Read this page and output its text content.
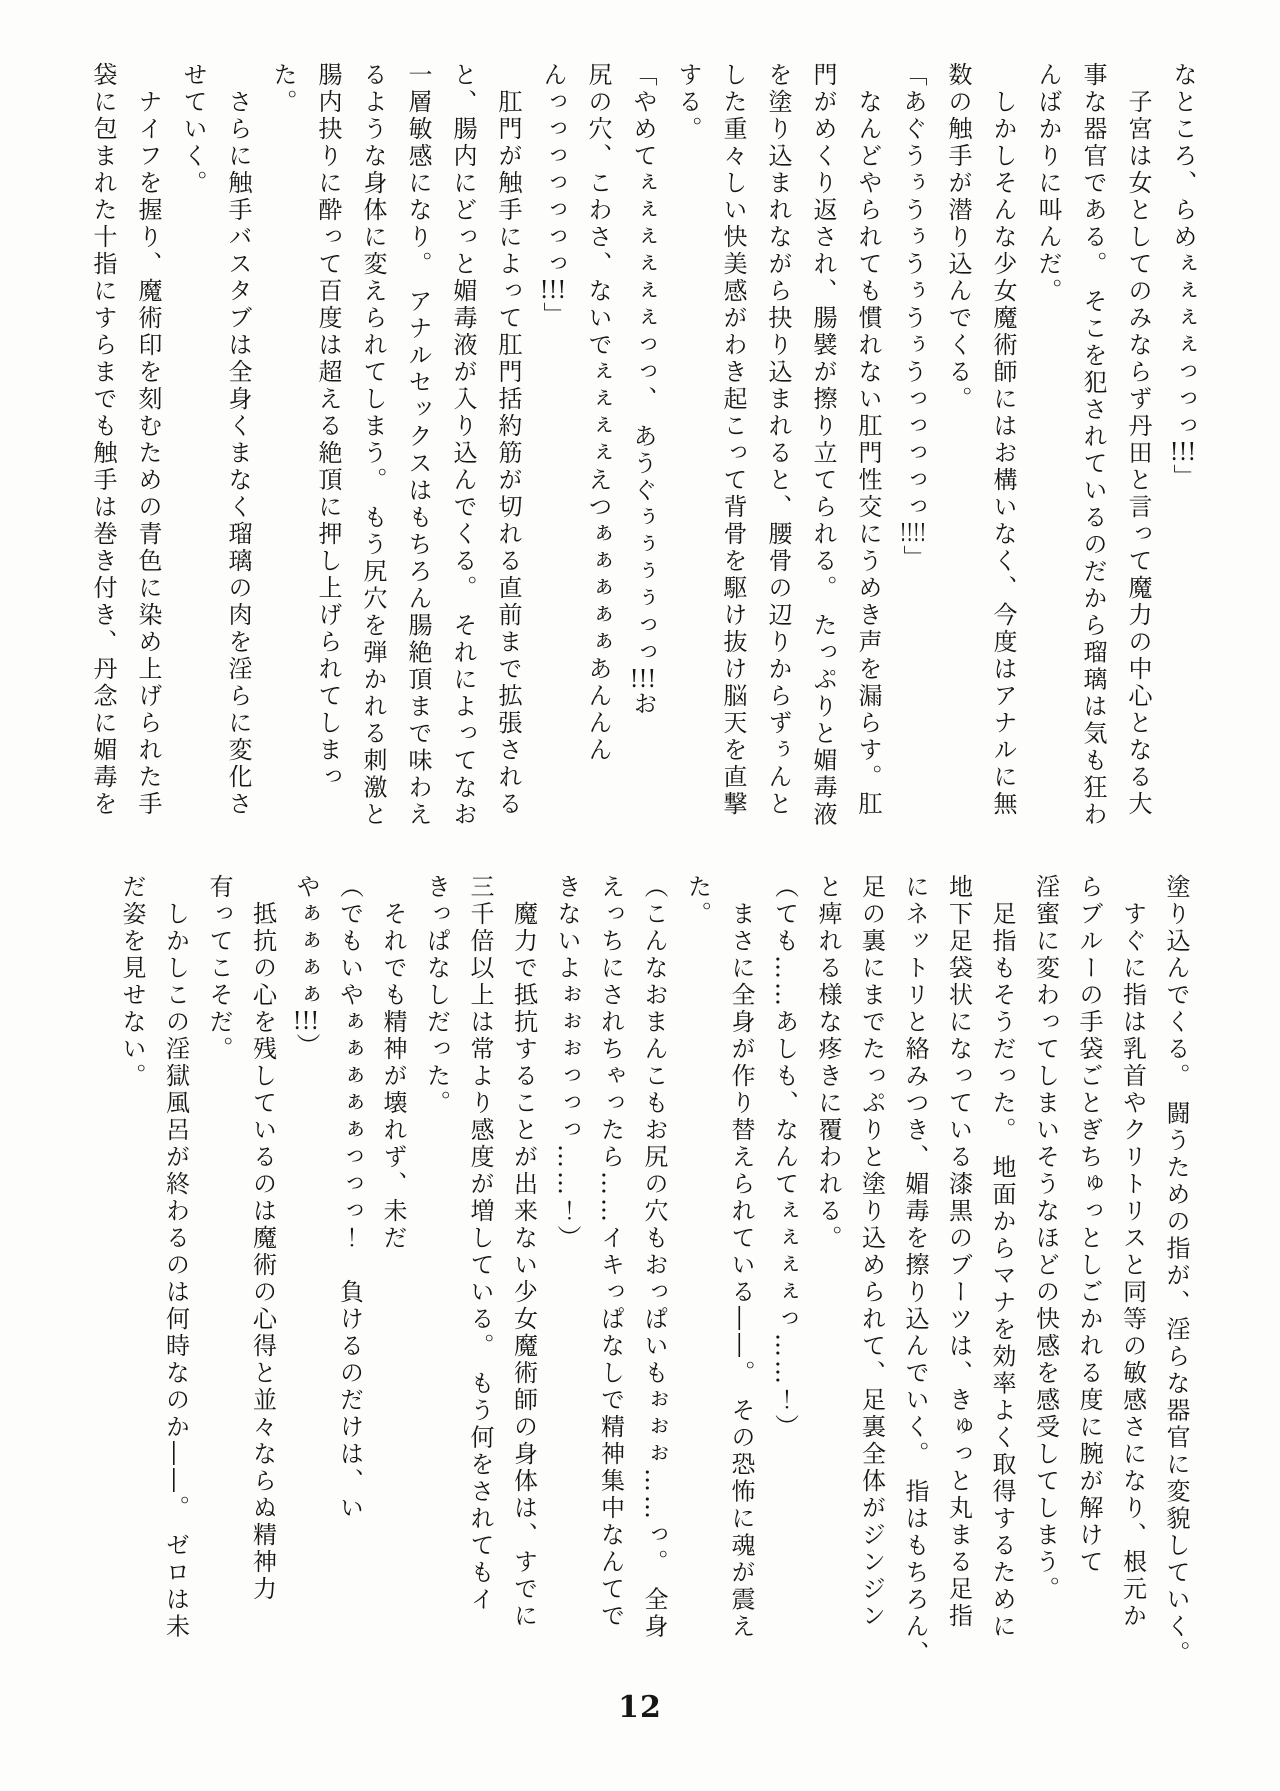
なところ、らめぇぇぇぇっっっ!!!」

　子宮は女としてのみならず丹田と言って魔力の中心となる大

事な器官である。 そこを犯されているのだから瑠璃は気も狂わ

んばかりに叫んだ。

　しかしそんな少女魔術師にはお構いなく、今度はアナルに無

数の触手が潜り込んでくる。

「あぐうぅうぅうぅうぅうっっっっっ!!!!」

　なんどやられても慣れない肛門性交にうめき声を漏らす。肛

門がめくり返され、腸襞が擦り立てられる。 たっぷりと媚毒液

を塗り込まれながら抉り込まれると、腰骨の辺りからずぅんと

した重々しい快美感がわき起こって背骨を駆け抜け脳天を直撃

する。

「やめてぇぇぇぇぇぇっっ、 あうぐぅぅぅぅっっ!!!お

尻の穴、こわさ、ないでぇぇぇぇえつぁぁぁぁぁあんんん

んっっっっっっっ!!!」

　肛門が触手によって肛門括約筋が切れる直前まで拡張される

と、腸内にどっと媚毒液が入り込んでくる。 それによってなお

一層敏感になり。 アナルセックスはもちろん腸絶頂まで味わえ

るような身体に変えられてしまう。 もう尻穴を弾かれる刺激と

腸内抉りに酔って百度は超える絶頂に押し上げられてしまっ

た。

　さらに触手バスタブは全身くまなく瑠璃の肉を淫らに変化さ

せていく。

　ナイフを握り、魔術印を刻むための青色に染め上げられた手

袋に包まれた十指にすらまでも触手は巻き付き、丹念に媚毒を

塗り込んでくる。 闘うための指が、淫らな器官に変貌していく。

　すぐに指は乳首やクリトリスと同等の敏感さになり、根元か

らブルーの手袋ごとぎちゅっとしごかれる度に腕が解けて

淫蜜に変わってしまいそうなほどの快感を感受してしまう。

　足指もそうだった。 地面からマナを効率よく取得するために

地下足袋状になっている漆黒のブーツは、きゅっと丸まる足指

にネットリと絡みつき、媚毒を擦り込んでいく。 指はもちろん、

足の裏にまでたっぷりと塗り込められて、足裏全体がジンジン

と痺れる様な疼きに覆われる。

（ても……あしも、なんてぇぇぇぇっ……！）

　まさに全身が作り替えられている――。 その恐怖に魂が震え

た。

（こんなおまんこもお尻の穴もおっぱいもぉぉぉ……っ。 全身

えっちにされちゃったら……イキっぱなしで精神集中なんてで

きないよぉぉぉっっっ……！）

　魔力で抵抗することが出来ない少女魔術師の身体は、すでに

三千倍以上は常より感度が増している。 もう何をされてもイ

きっぱなしだった。

　それでも精神が壊れず、未だ

（でもいやぁぁぁぁぁっっっ！　負けるのだけは、い

やぁぁぁぁ!!!）

　抵抗の心を残しているのは魔術の心得と並々ならぬ精神力

有ってこそだ。

　しかしこの淫獄風呂が終わるのは何時なのか――。 ゼロは未

だ姿を見せない。

12
